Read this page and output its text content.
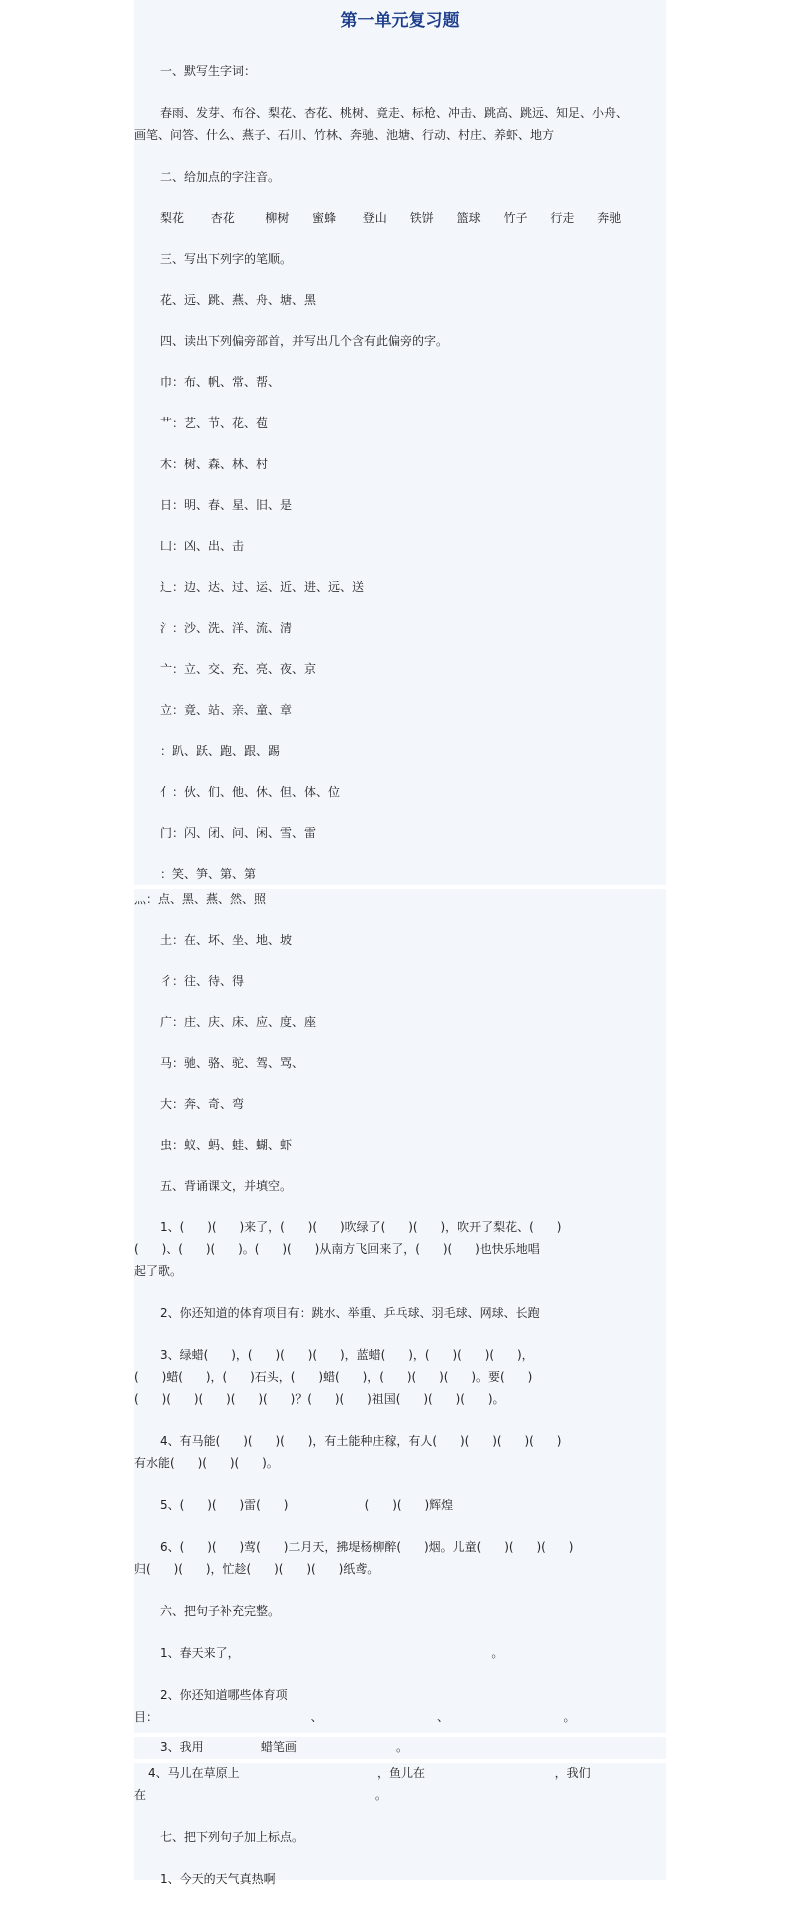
第一单元复习题
一、默写生字词：
春雨、发芽、布谷、梨花、杏花、桃树、竟走、标枪、冲击、跳高、跳远、知足、小舟、
画笔、问答、什么、燕子、石川、竹林、奔驰、池塘、行动、村庄、养虾、地方
二、给加点的字注音。
梨花       杏花        柳树      蜜蜂       登山      铁饼      篮球      竹子      行走      奔驰
三、写出下列字的笔顺。
花、远、跳、燕、舟、塘、黑
四、读出下列偏旁部首，并写出几个含有此偏旁的字。
巾：布、帆、常、帮、
艹：艺、节、花、苞
木：树、森、林、村
日：明、春、星、旧、是
凵：凶、出、击
辶：边、达、过、运、近、进、远、送
氵：沙、洗、洋、流、清
亠：立、交、充、亮、夜、京
立：竟、站、亲、童、章
：趴、跃、跑、跟、踢
亻：伙、们、他、休、但、体、位
门：闪、闭、问、闲、雪、雷
：笑、笋、第、第
灬：点、黑、燕、然、照
土：在、坏、坐、地、坡
彳：往、待、得
广：庄、庆、床、应、度、座
马：驰、骆、驼、驾、骂、
大：奔、奇、弯
虫：蚁、蚂、蛙、蝴、虾
五、背诵课文，并填空。
1、(      )(      )来了，(      )(      )吹绿了(      )(      )，吹开了梨花、(      )
(      )、(      )(      )。(      )(      )从南方飞回来了，(      )(      )也快乐地唱
起了歌。
2、你还知道的体育项目有：跳水、举重、乒乓球、羽毛球、网球、长跑
3、绿蜡(      )，(      )(      )(      )，蓝蜡(      )，(      )(      )(      )，
(      )蜡(      )，(      )石头，(      )蜡(      )，(      )(      )(      )。要(      )
(      )(      )(      )(      )(      )？(      )(      )祖国(      )(      )(      )。
4、有马能(      )(      )(      )，有土能种庄稼，有人(      )(      )(      )(      )
有水能(      )(      )(      )。
5、(      )(      )雷(      )                    (      )(      )辉煌
6、(      )(      )莺(      )二月天，拂堤杨柳醉(      )烟。儿童(      )(      )(      )
归(      )(      )，忙趁(      )(      )(      )纸鸢。
六、把句子补充完整。
1、春天来了，                                                                  。
2、你还知道哪些体育项
目：                                        、                              、                              。
3、我用               蜡笔画                          。
4、马儿在草原上                                    ，鱼儿在                                  ，我们
在                                                            。
七、把下列句子加上标点。
1、今天的天气真热啊
